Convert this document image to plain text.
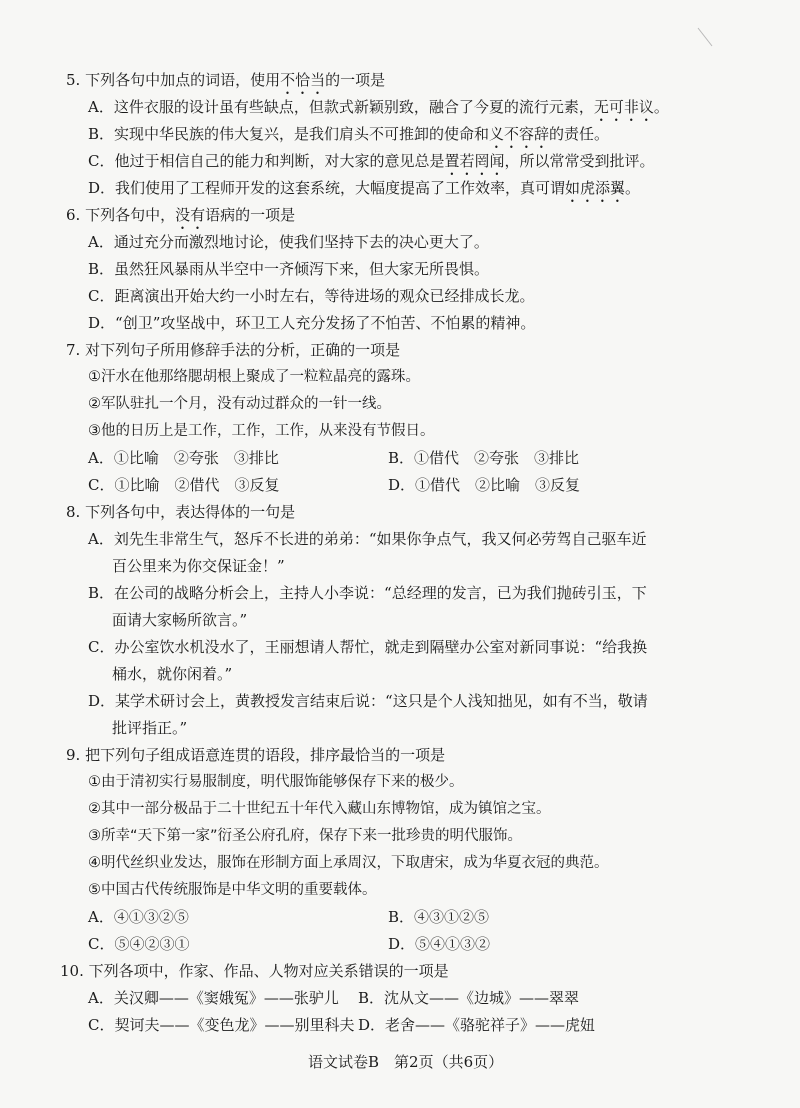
5. 下列各句中加点的词语，使用不恰当的一项是
A．这件衣服的设计虽有些缺点，但款式新颖别致，融合了今夏的流行元素，无可非议。
B．实现中华民族的伟大复兴，是我们肩头不可推卸的使命和义不容辞的责任。
C．他过于相信自己的能力和判断，对大家的意见总是置若罔闻，所以常常受到批评。
D．我们使用了工程师开发的这套系统，大幅度提高了工作效率，真可谓如虎添翼。
6. 下列各句中，没有语病的一项是
A．通过充分而激烈地讨论，使我们坚持下去的决心更大了。
B．虽然狂风暴雨从半空中一齐倾泻下来，但大家无所畏惧。
C．距离演出开始大约一小时左右，等待进场的观众已经排成长龙。
D．“创卫”攻坚战中，环卫工人充分发扬了不怕苦、不怕累的精神。
7. 对下列句子所用修辞手法的分析，正确的一项是
①汗水在他那络腮胡根上聚成了一粒粒晶亮的露珠。
②军队驻扎一个月，没有动过群众的一针一线。
③他的日历上是工作，工作，工作，从来没有节假日。
A．①比喻　②夸张　③排比	B．①借代　②夸张　③排比
C．①比喻　②借代　③反复	D．①借代　②比喻　③反复
8. 下列各句中，表达得体的一句是
A．刘先生非常生气，怒斥不长进的弟弟：“如果你争点气，我又何必劳驾自己驱车近
百公里来为你交保证金！”
B．在公司的战略分析会上，主持人小李说：“总经理的发言，已为我们抛砖引玉，下
面请大家畅所欲言。”
C．办公室饮水机没水了，王丽想请人帮忙，就走到隔壁办公室对新同事说：“给我换
桶水，就你闲着。”
D．某学术研讨会上，黄教授发言结束后说：“这只是个人浅知拙见，如有不当，敬请
批评指正。”
9. 把下列句子组成语意连贯的语段，排序最恰当的一项是
①由于清初实行易服制度，明代服饰能够保存下来的极少。
②其中一部分极品于二十世纪五十年代入藏山东博物馆，成为镇馆之宝。
③所幸“天下第一家”衍圣公府孔府，保存下来一批珍贵的明代服饰。
④明代丝织业发达，服饰在形制方面上承周汉，下取唐宋，成为华夏衣冠的典范。
⑤中国古代传统服饰是中华文明的重要载体。
A．④①③②⑤	B．④③①②⑤
C．⑤④②③①	D．⑤④①③②
10. 下列各项中，作家、作品、人物对应关系错误的一项是
A．关汉卿——《窦娥冤》——张驴儿 B．沈从文——《边城》——翠翠
C．契诃夫——《变色龙》——别里科夫 D．老舍——《骆驼祥子》——虎妞
语文试卷B　第2页（共6页）
